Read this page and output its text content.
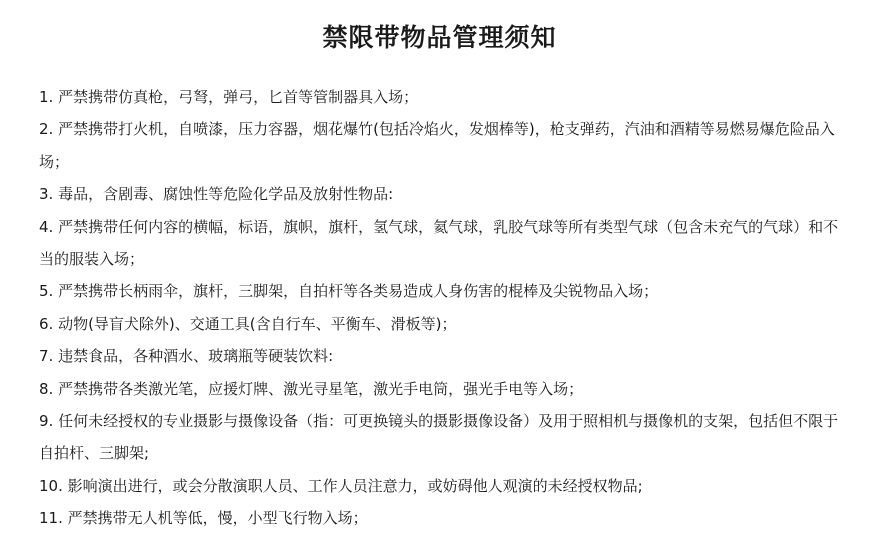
禁限带物品管理须知
1. 严禁携带仿真枪，弓弩，弹弓，匕首等管制器具入场；
2. 严禁携带打火机，自喷漆，压力容器，烟花爆竹(包括冷焰火，发烟棒等)，枪支弹药，汽油和酒精等易燃易爆危险品入场；
3. 毒品，含剧毒、腐蚀性等危险化学品及放射性物品:
4. 严禁携带任何内容的横幅，标语，旗帜，旗杆，氢气球，氦气球，乳胶气球等所有类型气球（包含未充气的气球）和不当的服装入场；
5. 严禁携带长柄雨伞，旗杆，三脚架，自拍杆等各类易造成人身伤害的棍棒及尖锐物品入场；
6. 动物(导盲犬除外)、交通工具(含自行车、平衡车、滑板等)；
7. 违禁食品，各种酒水、玻璃瓶等硬装饮料:
8. 严禁携带各类激光笔，应援灯牌、激光寻星笔，激光手电筒，强光手电等入场；
9. 任何未经授权的专业摄影与摄像设备（指：可更换镜头的摄影摄像设备）及用于照相机与摄像机的支架，包括但不限于自拍杆、三脚架;
10. 影响演出进行，或会分散演职人员、工作人员注意力，或妨碍他人观演的未经授权物品;
11. 严禁携带无人机等低，慢，小型飞行物入场；
